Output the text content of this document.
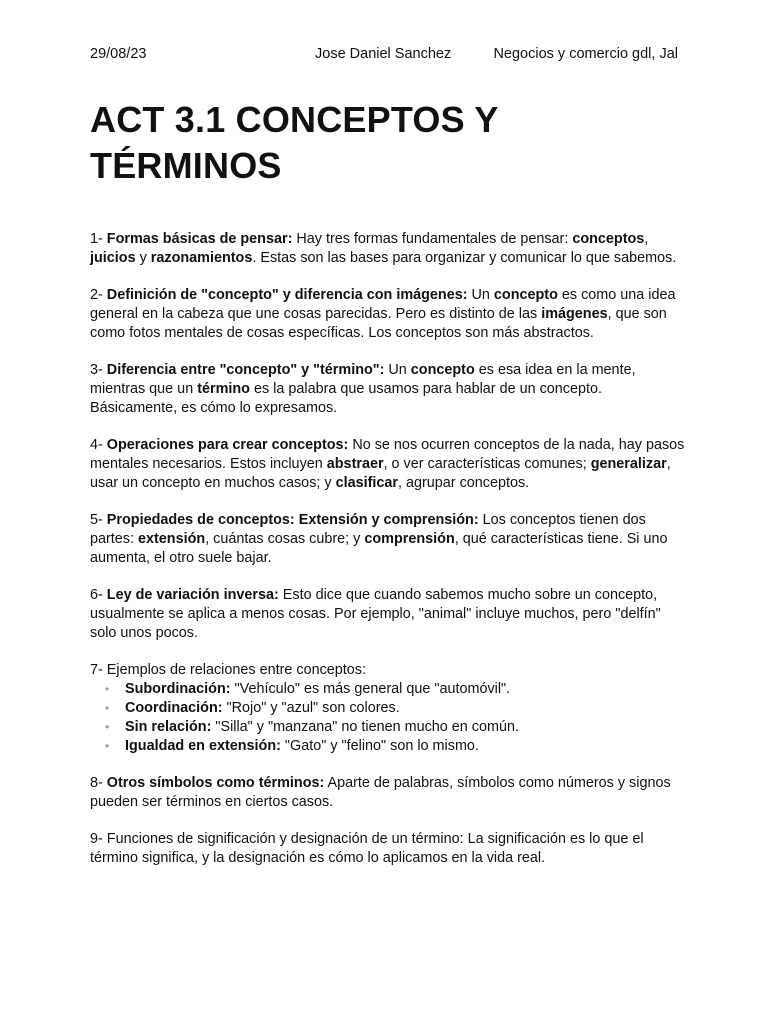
29/08/23	Jose Daniel Sanchez	Negocios y comercio gdl, Jal
ACT 3.1 CONCEPTOS Y
TÉRMINOS

1- Formas básicas de pensar: Hay tres formas fundamentales de pensar: conceptos, juicios y razonamientos. Estas son las bases para organizar y comunicar lo que sabemos.

2- Definición de "concepto" y diferencia con imágenes: Un concepto es como una idea general en la cabeza que une cosas parecidas. Pero es distinto de las imágenes, que son como fotos mentales de cosas específicas. Los conceptos son más abstractos.

3- Diferencia entre "concepto" y "término": Un concepto es esa idea en la mente, mientras que un término es la palabra que usamos para hablar de un concepto. Básicamente, es cómo lo expresamos.

4- Operaciones para crear conceptos: No se nos ocurren conceptos de la nada, hay pasos mentales necesarios. Estos incluyen abstraer, o ver características comunes; generalizar, usar un concepto en muchos casos; y clasificar, agrupar conceptos.

5- Propiedades de conceptos: Extensión y comprensión: Los conceptos tienen dos partes: extensión, cuántas cosas cubre; y comprensión, qué características tiene. Si uno aumenta, el otro suele bajar.

6- Ley de variación inversa: Esto dice que cuando sabemos mucho sobre un concepto, usualmente se aplica a menos cosas. Por ejemplo, "animal" incluye muchos, pero "delfín" solo unos pocos.

7- Ejemplos de relaciones entre conceptos:
• Subordinación: "Vehículo" es más general que "automóvil".
• Coordinación: "Rojo" y "azul" son colores.
• Sin relación: "Silla" y "manzana" no tienen mucho en común.
• Igualdad en extensión: "Gato" y "felino" son lo mismo.

8- Otros símbolos como términos: Aparte de palabras, símbolos como números y signos pueden ser términos en ciertos casos.

9- Funciones de significación y designación de un término: La significación es lo que el término significa, y la designación es cómo lo aplicamos en la vida real.
